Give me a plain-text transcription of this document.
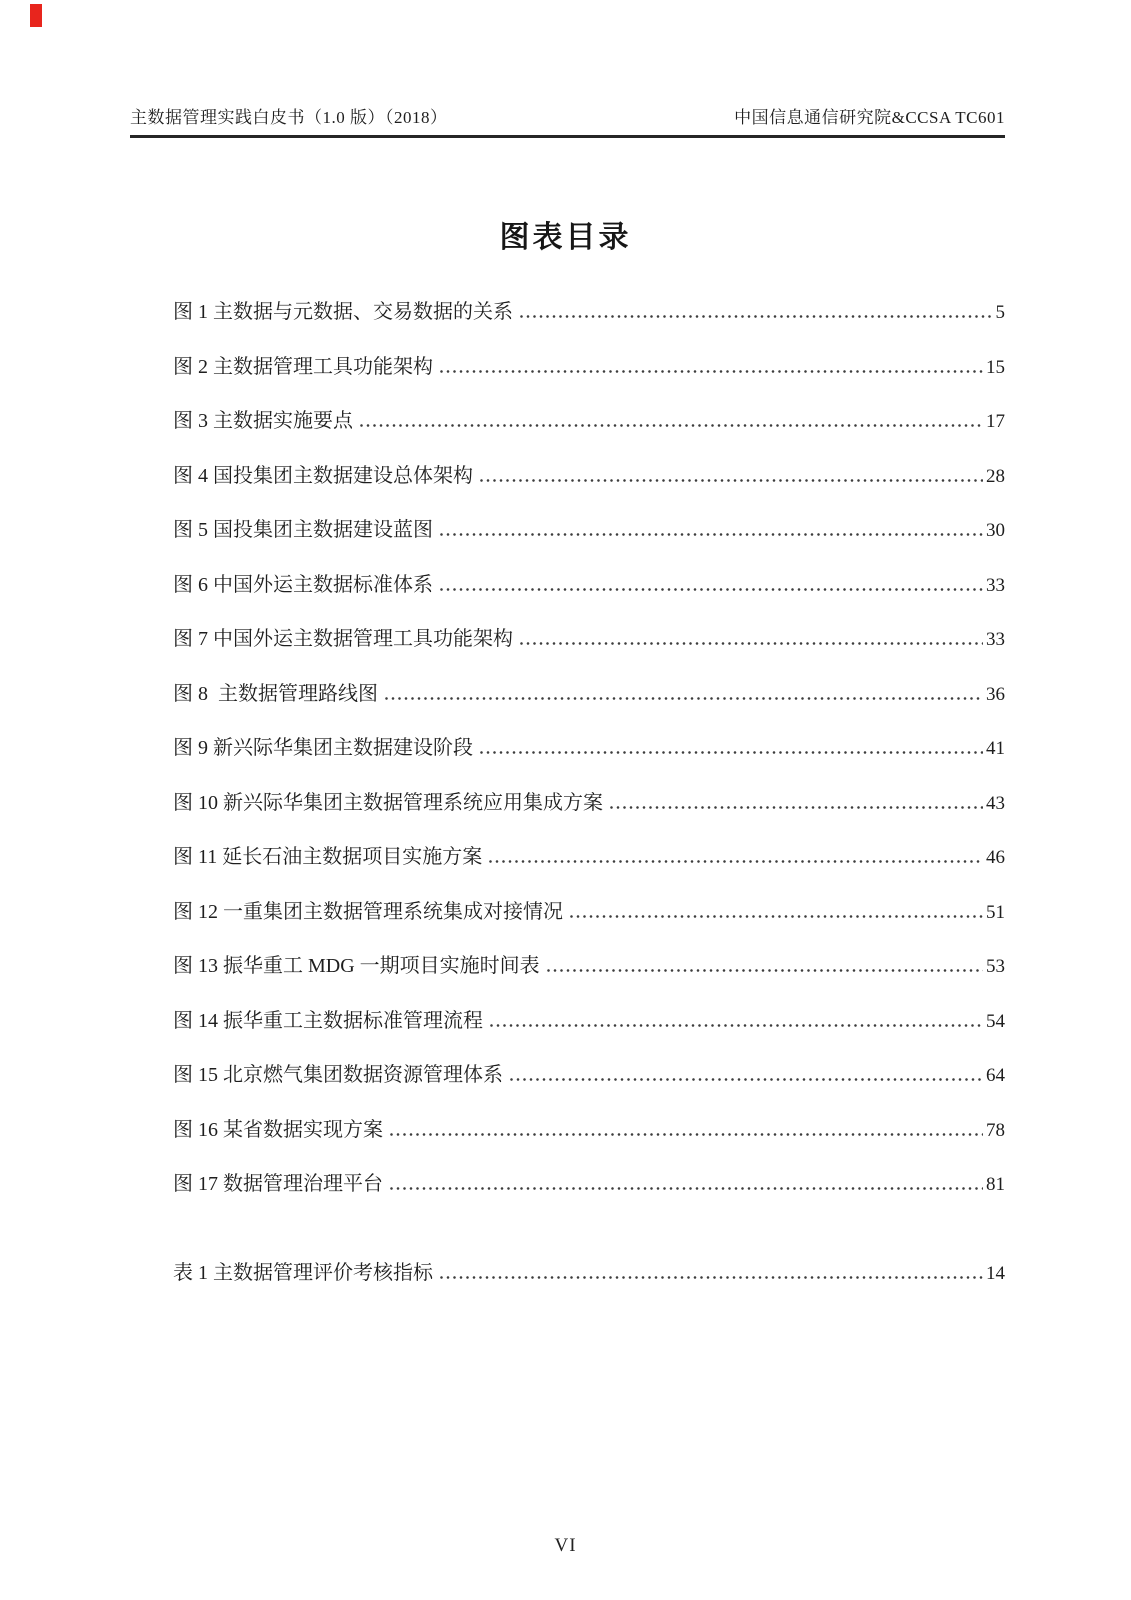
主数据管理实践白皮书（1.0 版）（2018）	中国信息通信研究院&CCSA TC601
图表目录
图 1 主数据与元数据、交易数据的关系	5
图 2 主数据管理工具功能架构	15
图 3 主数据实施要点	17
图 4 国投集团主数据建设总体架构	28
图 5 国投集团主数据建设蓝图	30
图 6 中国外运主数据标准体系	33
图 7 中国外运主数据管理工具功能架构	33
图 8  主数据管理路线图	36
图 9 新兴际华集团主数据建设阶段	41
图 10 新兴际华集团主数据管理系统应用集成方案	43
图 11 延长石油主数据项目实施方案	46
图 12 一重集团主数据管理系统集成对接情况	51
图 13 振华重工 MDG 一期项目实施时间表	53
图 14 振华重工主数据标准管理流程	54
图 15 北京燃气集团数据资源管理体系	64
图 16 某省数据实现方案	78
图 17 数据管理治理平台	81
表 1 主数据管理评价考核指标	14
VI
